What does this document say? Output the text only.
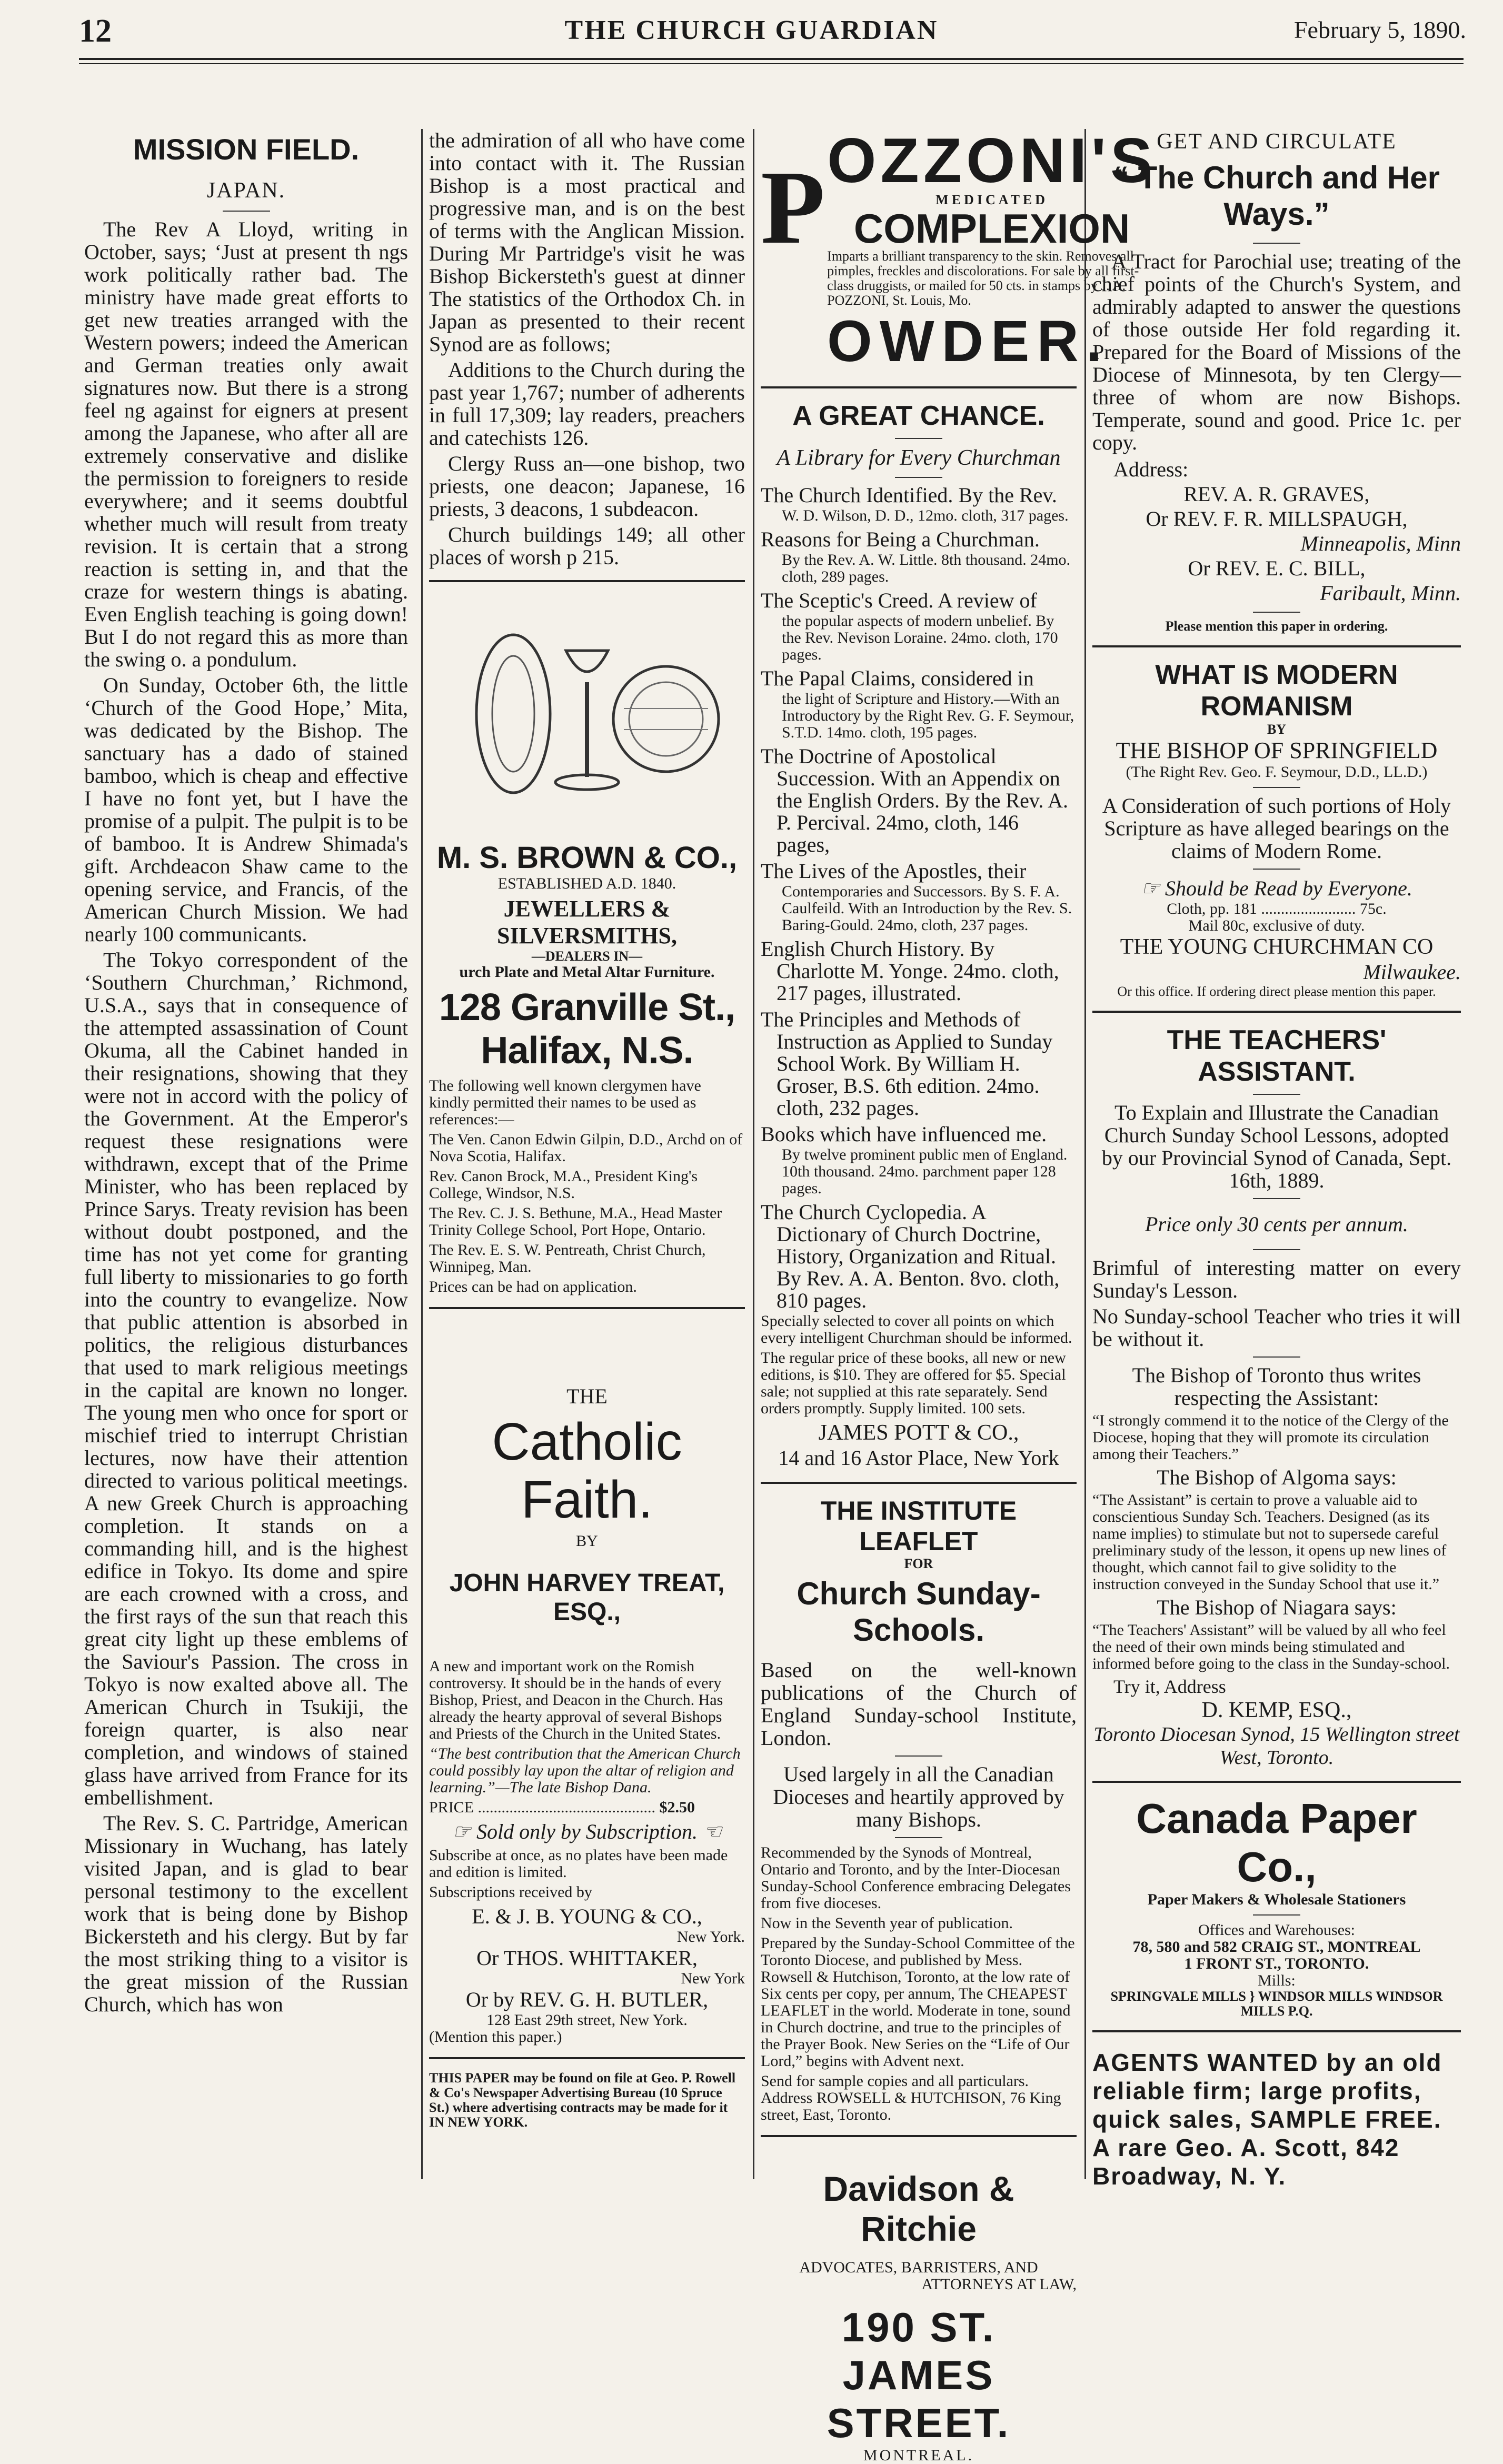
12	THE CHURCH GUARDIAN	February 5, 1890.
MISSION FIELD.
JAPAN.

The Rev A Lloyd, writing in October, says; ‘Just at present th ngs work politically rather bad. The ministry have made great efforts to get new treaties arranged with the Western powers; indeed the American and German treaties only await signatures now. But there is a strong feel ng against for eigners at present among the Japanese, who after all are extremely conservative and dislike the permission to foreigners to reside everywhere; and it seems doubtful whether much will result from treaty revision. It is certain that a strong reaction is setting in, and that the craze for western things is abating. Even English teaching is going down! But I do not regard this as more than the swing o. a pondulum.

On Sunday, October 6th, the little ‘Church of the Good Hope,’ Mita, was dedicated by the Bishop. The sanctuary has a dado of stained bamboo, which is cheap and effective I have no font yet, but I have the promise of a pulpit. The pulpit is to be of bamboo. It is Andrew Shimada's gift. Archdeacon Shaw came to the opening service, and Francis, of the American Church Mission. We had nearly 100 communicants.

The Tokyo correspondent of the ‘Southern Churchman,’ Richmond, U.S.A., says that in consequence of the attempted assassination of Count Okuma, all the Cabinet handed in their resignations, showing that they were not in accord with the policy of the Government. At the Emperor's request these resignations were withdrawn, except that of the Prime Minister, who has been replaced by Prince Sarys. Treaty revision has been without doubt postponed, and the time has not yet come for granting full liberty to missionaries to go forth into the country to evangelize. Now that public attention is absorbed in politics, the religious disturbances that used to mark religious meetings in the capital are known no longer. The young men who once for sport or mischief tried to interrupt Christian lectures, now have their attention directed to various political meetings. A new Greek Church is approaching completion. It stands on a commanding hill, and is the highest edifice in Tokyo. Its dome and spire are each crowned with a cross, and the first rays of the sun that reach this great city light up these emblems of the Saviour's Passion. The cross in Tokyo is now exalted above all. The American Church in Tsukiji, the foreign quarter, is also near completion, and windows of stained glass have arrived from France for its embellishment.

The Rev. S. C. Partridge, American Missionary in Wuchang, has lately visited Japan, and is glad to bear personal testimony to the excellent work that is being done by Bishop Bickersteth and his clergy. But by far the most striking thing to a visitor is the great mission of the Russian Church, which has won

the admiration of all who have come into contact with it. The Russian Bishop is a most practical and progressive man, and is on the best of terms with the Anglican Mission. During Mr Partridge's visit he was Bishop Bickersteth's guest at dinner The statistics of the Orthodox Ch. in Japan as presented to their recent Synod are as follows;

Additions to the Church during the past year 1,767; number of adherents in full 17,309; lay readers, preachers and catechists 126.

Clergy Russ an—one bishop, two priests, one deacon; Japanese, 16 priests, 3 deacons, 1 subdeacon.

Church buildings 149; all other places of worsh p 215.

M. S. BROWN & CO.,
ESTABLISHED A.D. 1840.
JEWELLERS & SILVERSMITHS,
—DEALERS IN—
urch Plate and Metal Altar Furniture.
128 Granville St., Halifax, N.S.

The following well known clergymen have kindly permitted their names to be used as references:—

The Ven. Canon Edwin Gilpin, D.D., Archd on of Nova Scotia, Halifax.

Rev. Canon Brock, M.A., President King's College, Windsor, N.S.

The Rev. C. J. S. Bethune, M.A., Head Master Trinity College School, Port Hope, Ontario.

The Rev. E. S. W. Pentreath, Christ Church, Winnipeg, Man.

Prices can be had on application.

THE
Catholic Faith.
BY
JOHN HARVEY TREAT, ESQ.,

A new and important work on the Romish controversy. It should be in the hands of every Bishop, Priest, and Deacon in the Church. Has already the hearty approval of several Bishops and Priests of the Church in the United States.

“The best contribution that the American Church could possibly lay upon the altar of religion and learning.”—The late Bishop Dana.

PRICE ............................................. $2.50
☞ Sold only by Subscription. ☜

Subscribe at once, as no plates have been made and edition is limited.

Subscriptions received by

E. & J. B. YOUNG & CO.,
New York.
Or THOS. WHITTAKER,
New York
Or by REV. G. H. BUTLER,
128 East 29th street, New York.
(Mention this paper.)
THIS PAPER may be found on file at Geo. P. Rowell & Co's Newspaper Advertising Bureau (10 Spruce St.) where advertising contracts may be made for it IN NEW YORK.
P OZZONI'S
MEDICATED
COMPLEXION
Imparts a brilliant transparency to the skin. Removes all pimples, freckles and discolorations. For sale by all first-class druggists, or mailed for 50 cts. in stamps by J. A. POZZONI, St. Louis, Mo.
OWDER.
A GREAT CHANCE.
A Library for Every Churchman
The Church Identified. By the Rev.
W. D. Wilson, D. D., 12mo. cloth, 317 pages.
Reasons for Being a Churchman.
By the Rev. A. W. Little. 8th thousand. 24mo. cloth, 289 pages.
The Sceptic's Creed. A review of
the popular aspects of modern unbelief. By the Rev. Nevison Loraine. 24mo. cloth, 170 pages.
The Papal Claims, considered in
the light of Scripture and History.—With an Introductory by the Right Rev. G. F. Seymour, S.T.D. 14mo. cloth, 195 pages.
The Doctrine of Apostolical Succession. With an Appendix on the English Orders. By the Rev. A. P. Percival. 24mo, cloth, 146 pages,
The Lives of the Apostles, their
Contemporaries and Successors. By S. F. A. Caulfeild. With an Introduction by the Rev. S. Baring-Gould. 24mo, cloth, 237 pages.
English Church History. By Charlotte M. Yonge. 24mo. cloth, 217 pages, illustrated.
The Principles and Methods of Instruction as Applied to Sunday School Work. By William H. Groser, B.S. 6th edition. 24mo. cloth, 232 pages.
Books which have influenced me.
By twelve prominent public men of England. 10th thousand. 24mo. parchment paper 128 pages.
The Church Cyclopedia. A Dictionary of Church Doctrine, History, Organization and Ritual. By Rev. A. A. Benton. 8vo. cloth, 810 pages.

Specially selected to cover all points on which every intelligent Churchman should be informed.

The regular price of these books, all new or new editions, is $10. They are offered for $5. Special sale; not supplied at this rate separately. Send orders promptly. Supply limited. 100 sets.

JAMES POTT & CO.,
14 and 16 Astor Place, New York
THE INSTITUTE LEAFLET
FOR
Church Sunday-Schools.

Based on the well-known publications of the Church of England Sunday-school Institute, London.

Used largely in all the Canadian Dioceses and heartily approved by many Bishops.

Recommended by the Synods of Montreal, Ontario and Toronto, and by the Inter-Diocesan Sunday-School Conference embracing Delegates from five dioceses.

Now in the Seventh year of publication.

Prepared by the Sunday-School Committee of the Toronto Diocese, and published by Mess. Rowsell & Hutchison, Toronto, at the low rate of Six cents per copy, per annum, The CHEAPEST LEAFLET in the world. Moderate in tone, sound in Church doctrine, and true to the principles of the Prayer Book. New Series on the “Life of Our Lord,” begins with Advent next.

Send for sample copies and all particulars. Address ROWSELL & HUTCHISON, 76 King street, East, Toronto.

Davidson & Ritchie
ADVOCATES, BARRISTERS, AND
ATTORNEYS AT LAW,
190 ST. JAMES STREET.
MONTREAL.
GET AND CIRCULATE
“ The Church and Her Ways.”

A Tract for Parochial use; treating of the chief points of the Church's System, and admirably adapted to answer the questions of those outside Her fold regarding it. Prepared for the Board of Missions of the Diocese of Minnesota, by ten Clergy—three of whom are now Bishops. Temperate, sound and good. Price 1c. per copy.

Address:
REV. A. R. GRAVES,
Or REV. F. R. MILLSPAUGH,
Minneapolis, Minn
Or REV. E. C. BILL,
Faribault, Minn.
Please mention this paper in ordering.
WHAT IS MODERN ROMANISM
BY
THE BISHOP OF SPRINGFIELD
(The Right Rev. Geo. F. Seymour, D.D., LL.D.)

A Consideration of such portions of Holy Scripture as have alleged bearings on the claims of Modern Rome.

☞ Should be Read by Everyone.
Cloth, pp. 181 ........................ 75c.
Mail 80c, exclusive of duty.
THE YOUNG CHURCHMAN CO
Milwaukee.
Or this office. If ordering direct please mention this paper.
THE TEACHERS' ASSISTANT.

To Explain and Illustrate the Canadian Church Sunday School Lessons, adopted by our Provincial Synod of Canada, Sept. 16th, 1889.

Price only 30 cents per annum.

Brimful of interesting matter on every Sunday's Lesson.

No Sunday-school Teacher who tries it will be without it.

The Bishop of Toronto thus writes respecting the Assistant:

“I strongly commend it to the notice of the Clergy of the Diocese, hoping that they will promote its circulation among their Teachers.”

The Bishop of Algoma says:

“The Assistant” is certain to prove a valuable aid to conscientious Sunday Sch. Teachers. Designed (as its name implies) to stimulate but not to supersede careful preliminary study of the lesson, it opens up new lines of thought, which cannot fail to give solidity to the instruction conveyed in the Sunday School that use it.”

The Bishop of Niagara says:

“The Teachers' Assistant” will be valued by all who feel the need of their own minds being stimulated and informed before going to the class in the Sunday-school.

Try it, Address
D. KEMP, ESQ.,
Toronto Diocesan Synod, 15 Wellington street West, Toronto.
Canada Paper Co.,
Paper Makers & Wholesale Stationers
Offices and Warehouses:
78, 580 and 582 CRAIG ST., MONTREAL
1 FRONT ST., TORONTO.
Mills:
SPRINGVALE MILLS } WINDSOR MILLS WINDSOR MILLS P.Q.
AGENTS WANTED by an old reliable firm; large profits, quick sales, SAMPLE FREE. A rare Geo. A. Scott, 842 Broadway, N. Y.
